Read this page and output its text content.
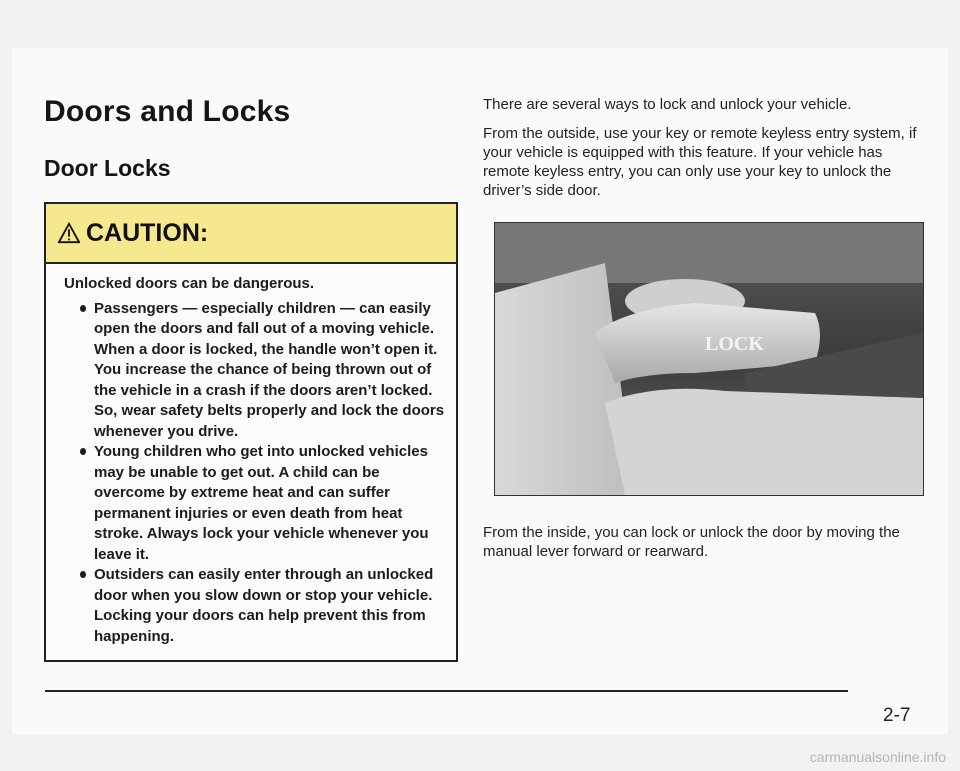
Doors and Locks
Door Locks
CAUTION:

Unlocked doors can be dangerous.

Passengers — especially children — can easily open the doors and fall out of a moving vehicle. When a door is locked, the handle won’t open it. You increase the chance of being thrown out of the vehicle in a crash if the doors aren’t locked. So, wear safety belts properly and lock the doors whenever you drive.
Young children who get into unlocked vehicles may be unable to get out. A child can be overcome by extreme heat and can suffer permanent injuries or even death from heat stroke. Always lock your vehicle whenever you leave it.
Outsiders can easily enter through an unlocked door when you slow down or stop your vehicle. Locking your doors can help prevent this from happening.

There are several ways to lock and unlock your vehicle.

From the outside, use your key or remote keyless entry system, if your vehicle is equipped with this feature. If your vehicle has remote keyless entry, you can only use your key to unlock the driver’s side door.

LOCK
From the inside, you can lock or unlock the door by moving the manual lever forward or rearward.
2-7
carmanualsonline.info
